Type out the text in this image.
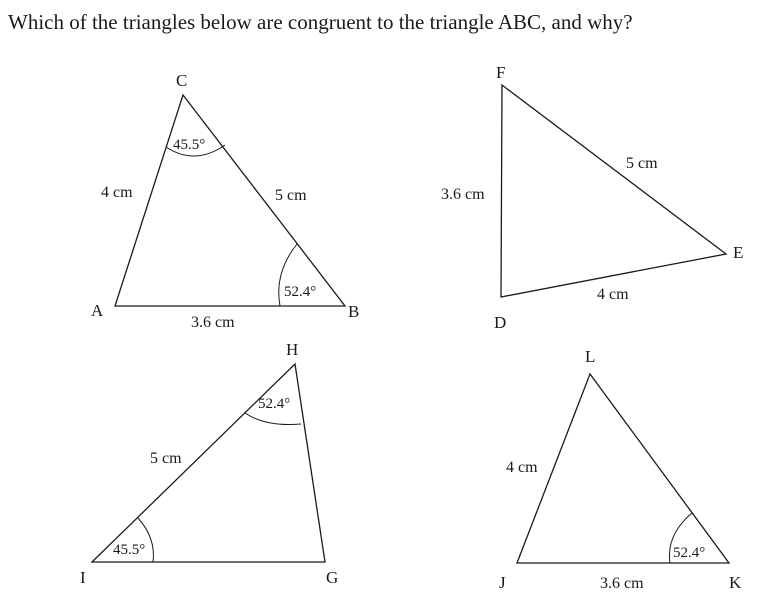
Which of the triangles below are congruent to the triangle ABC, and why?
C
A	B
45.5°
52.4°
4 cm	5 cm
3.6 cm
F
E
D
3.6 cm
5 cm
4 cm
H
I	G
52.4°
45.5°
5 cm
L
J	K
52.4°
4 cm
3.6 cm
